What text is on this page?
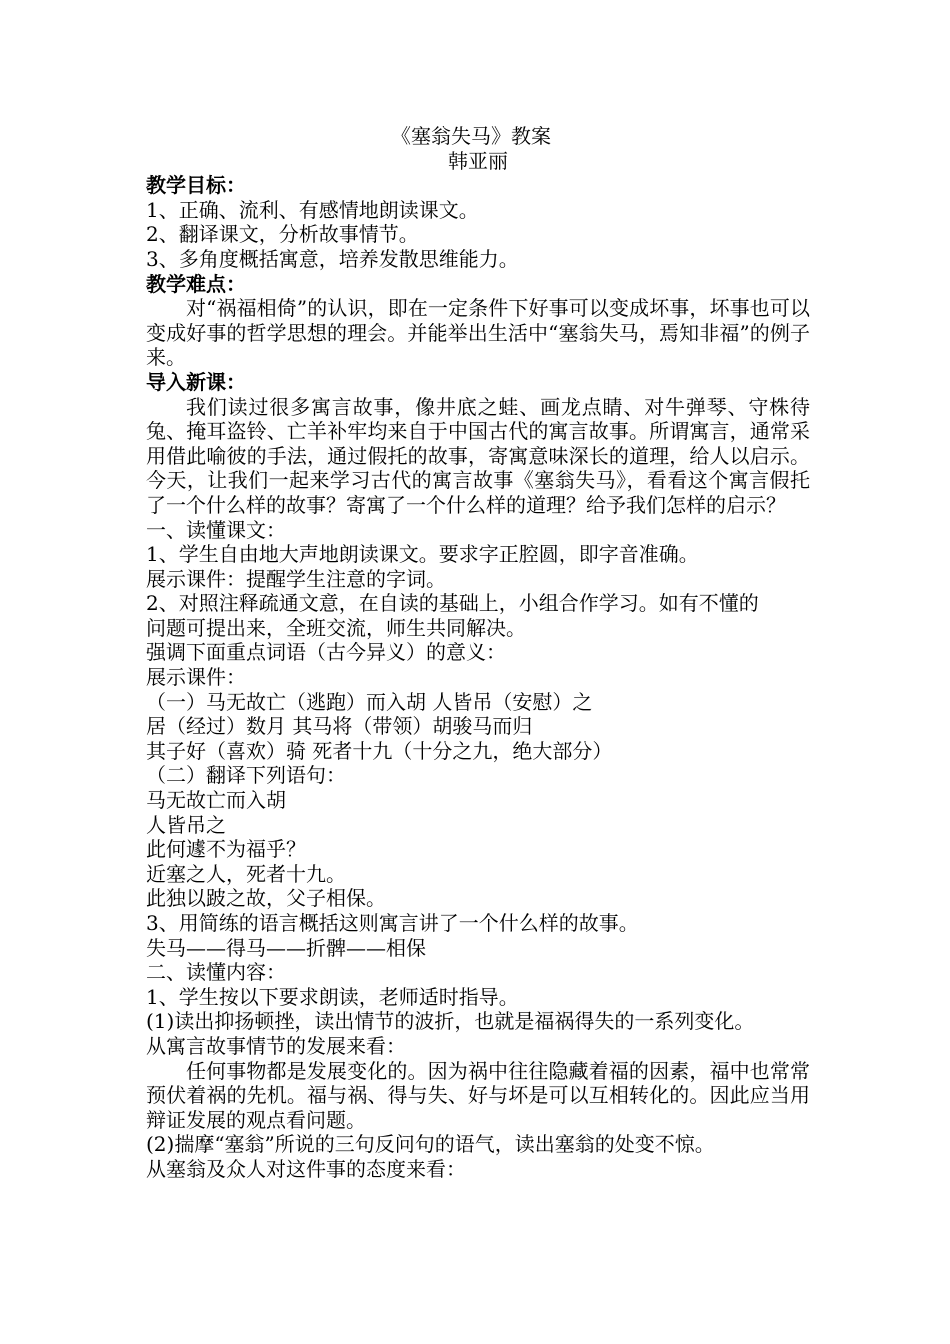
《塞翁失马》教案
韩亚丽
教学目标：
1、正确、流利、有感情地朗读课文。
2、翻译课文，分析故事情节。
3、多角度概括寓意，培养发散思维能力。
教学难点：
对“祸福相倚”的认识，即在一定条件下好事可以变成坏事，坏事也可以变成好事的哲学思想的理会。并能举出生活中“塞翁失马，焉知非福”的例子来。
导入新课：
我们读过很多寓言故事，像井底之蛙、画龙点睛、对牛弹琴、守株待兔、掩耳盗铃、亡羊补牢均来自于中国古代的寓言故事。所谓寓言，通常采用借此喻彼的手法，通过假托的故事，寄寓意味深长的道理，给人以启示。今天，让我们一起来学习古代的寓言故事《塞翁失马》，看看这个寓言假托了一个什么样的故事？寄寓了一个什么样的道理？给予我们怎样的启示？
一、读懂课文：
1、学生自由地大声地朗读课文。要求字正腔圆，即字音准确。
展示课件：提醒学生注意的字词。
2、对照注释疏通文意，在自读的基础上，小组合作学习。如有不懂的
问题可提出来，全班交流，师生共同解决。
强调下面重点词语（古今异义）的意义：
展示课件：
（一）马无故亡（逃跑）而入胡 人皆吊（安慰）之
居（经过）数月 其马将（带领）胡骏马而归
其子好（喜欢）骑 死者十九（十分之九，绝大部分）
（二）翻译下列语句：
马无故亡而入胡
人皆吊之
此何遽不为福乎？
近塞之人，死者十九。
此独以跛之故，父子相保。
3、用简练的语言概括这则寓言讲了一个什么样的故事。
失马——得马——折髀——相保
二、读懂内容：
1、学生按以下要求朗读，老师适时指导。
(1)读出抑扬顿挫，读出情节的波折，也就是福祸得失的一系列变化。
从寓言故事情节的发展来看：
任何事物都是发展变化的。因为祸中往往隐藏着福的因素，福中也常常预伏着祸的先机。福与祸、得与失、好与坏是可以互相转化的。因此应当用辩证发展的观点看问题。
(2)揣摩“塞翁”所说的三句反问句的语气，读出塞翁的处变不惊。
从塞翁及众人对这件事的态度来看：
